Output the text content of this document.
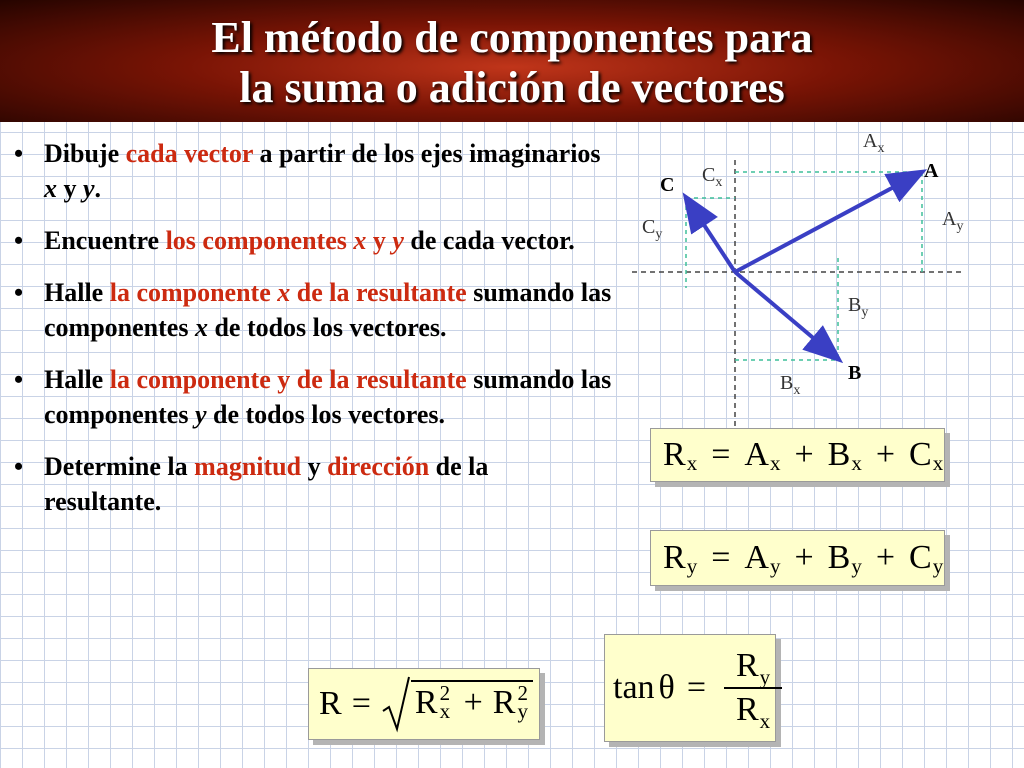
El método de componentes para
la suma o adición de vectores
• Dibuje cada vector a partir de los ejes imaginarios x y y.
• Encuentre los componentes x y y de cada vector.
• Halle la componente x de la resultante sumando las componentes x de todos los vectores.
• Halle la componente y de la resultante sumando las componentes y de todos los vectores.
• Determine la magnitud y dirección de la resultante.
A
B
C
$A_x$
$A_y$
$B_x$
$B_y$
$C_x$
$C_y$
R x = A x + B x + C x
R y = A y + B y + C y
R = R 2
x + R 2
y
$\tan \theta = \frac{R_y}{R_x}$
